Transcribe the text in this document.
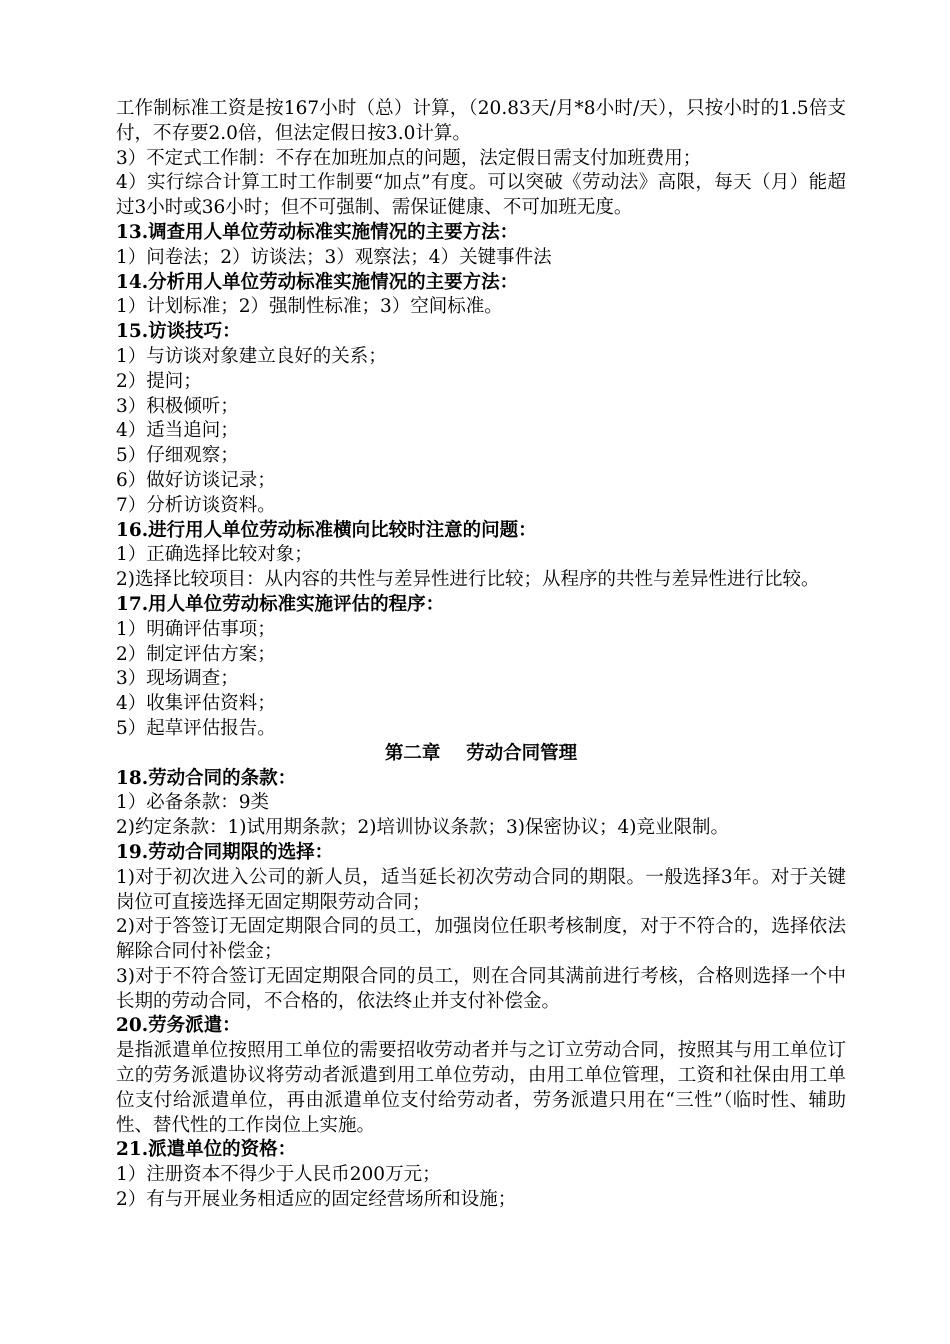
工作制标准工资是按167小时（总）计算，（20.83天/月*8小时/天），只按小时的1.5倍支付，不存要2.0倍，但法定假日按3.0计算。

3）不定式工作制：不存在加班加点的问题，法定假日需支付加班费用；

4）实行综合计算工时工作制要“加点”有度。可以突破《劳动法》高限，每天（月）能超过3小时或36小时；但不可强制、需保证健康、不可加班无度。

13.调查用人单位劳动标准实施情况的主要方法：

1）问卷法；2）访谈法；3）观察法；4）关键事件法

14.分析用人单位劳动标准实施情况的主要方法：

1）计划标准；2）强制性标准；3）空间标准。

15.访谈技巧：

1）与访谈对象建立良好的关系；

2）提问；

3）积极倾听；

4）适当追问；

5）仔细观察；

6）做好访谈记录；

7）分析访谈资料。

16.进行用人单位劳动标准横向比较时注意的问题：

1）正确选择比较对象；

2)选择比较项目：从内容的共性与差异性进行比较；从程序的共性与差异性进行比较。

17.用人单位劳动标准实施评估的程序：

1）明确评估事项；

2）制定评估方案；

3）现场调查；

4）收集评估资料；

5）起草评估报告。

第二章    劳动合同管理

18.劳动合同的条款：

1）必备条款：9类

2)约定条款：1)试用期条款；2)培训协议条款；3)保密协议；4)竞业限制。

19.劳动合同期限的选择：

1)对于初次进入公司的新人员，适当延长初次劳动合同的期限。一般选择3年。对于关键岗位可直接选择无固定期限劳动合同；

2)对于答签订无固定期限合同的员工，加强岗位任职考核制度，对于不符合的，选择依法解除合同付补偿金；

3)对于不符合签订无固定期限合同的员工，则在合同其满前进行考核，合格则选择一个中长期的劳动合同，不合格的，依法终止并支付补偿金。

20.劳务派遣：

是指派遣单位按照用工单位的需要招收劳动者并与之订立劳动合同，按照其与用工单位订立的劳务派遣协议将劳动者派遣到用工单位劳动，由用工单位管理，工资和社保由用工单位支付给派遣单位，再由派遣单位支付给劳动者，劳务派遣只用在“三性”（临时性、辅助性、替代性的工作岗位上实施。

21.派遣单位的资格：

1）注册资本不得少于人民币200万元；

2）有与开展业务相适应的固定经营场所和设施；
